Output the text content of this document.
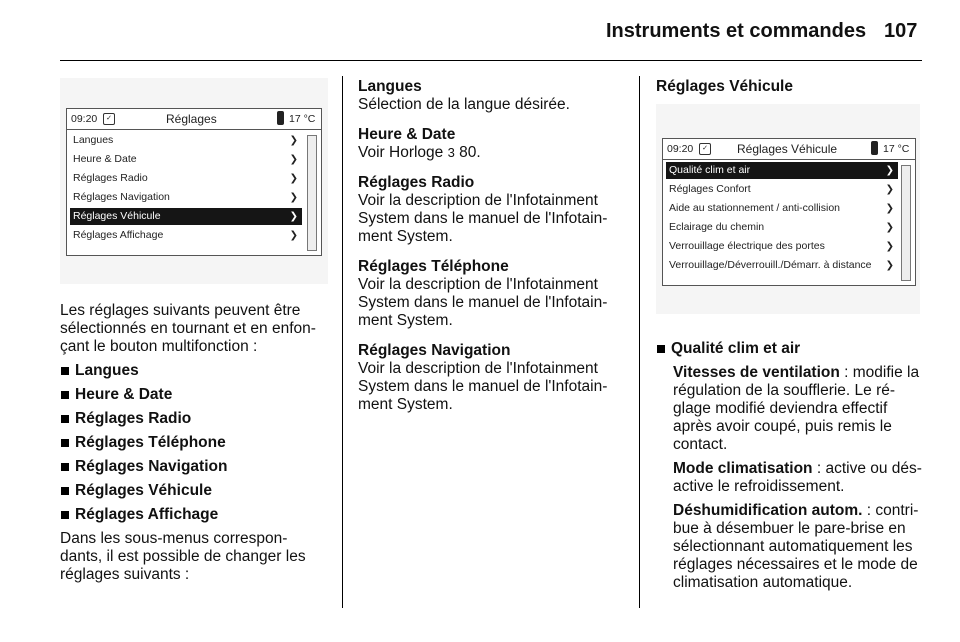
Instruments et commandes 107
09:20	✓	Réglages	17 °C
Langues	❯
Heure & Date	❯
Réglages Radio	❯
Réglages Navigation	❯
Réglages Véhicule	❯
Réglages Affichage	❯
09:20	✓ Réglages Véhicule	17 °C
Qualité clim et air	❯
Réglages Confort	❯
Aide au stationnement / anti-collision	❯
Eclairage du chemin	❯
Verrouillage électrique des portes	❯
Verrouillage/Déverrouill./Démarr. à distance ❯

Les réglages suivants peuvent être sélectionnés en tournant et en enfon- çant le bouton multifonction :

Langues

Heure & Date

Réglages Radio

Réglages Téléphone

Réglages Navigation

Réglages Véhicule

Réglages Affichage

Dans les sous-menus correspon- dants, il est possible de changer les réglages suivants :

Langues

Sélection de la langue désirée.

Heure & Date

Voir Horloge 3 80.

Réglages Radio

Voir la description de l'Infotainment System dans le manuel de l'Infotain- ment System.

Réglages Téléphone

Voir la description de l'Infotainment System dans le manuel de l'Infotain- ment System.

Réglages Navigation

Voir la description de l'Infotainment System dans le manuel de l'Infotain- ment System.

Réglages Véhicule

Qualité clim et air

Vitesses de ventilation : modifie la régulation de la soufflerie. Le ré- glage modifié deviendra effectif après avoir coupé, puis remis le contact.

Mode climatisation : active ou dés- active le refroidissement.

Déshumidification autom. : contri- bue à désembuer le pare-brise en sélectionnant automatiquement les réglages nécessaires et le mode de climatisation automatique.
